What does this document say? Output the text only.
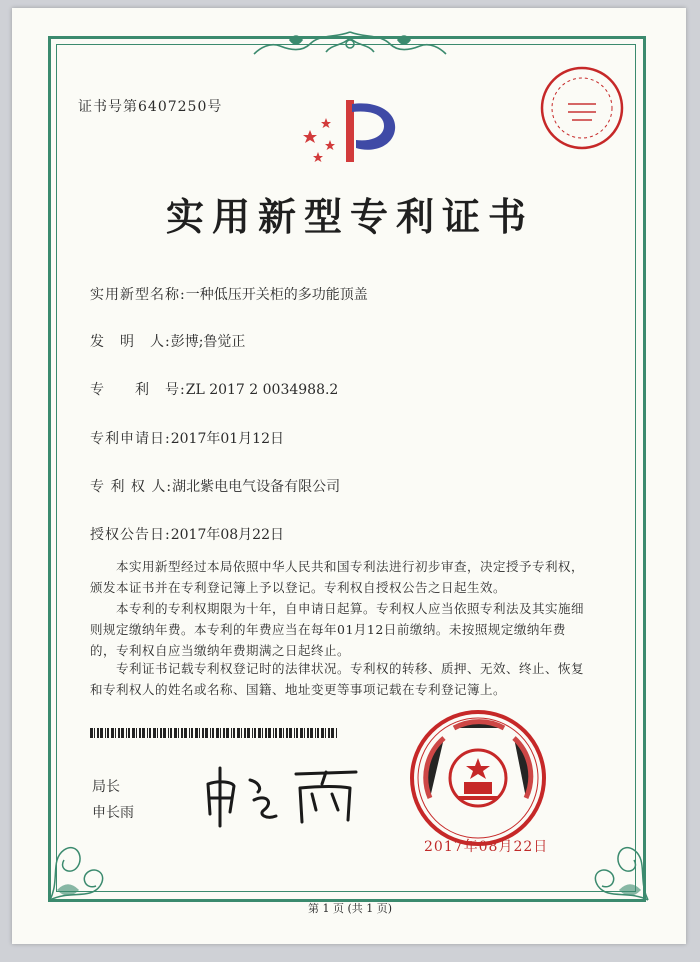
证书号第6407250号
实用新型专利证书
实用新型名称:一种低压开关柜的多功能顶盖
发　明　人:彭博;鲁觉正
专　　利　号:ZL 2017 2 0034988.2
专利申请日:2017年01月12日
专 利 权 人:湖北紫电电气设备有限公司
授权公告日:2017年08月22日
本实用新型经过本局依照中华人民共和国专利法进行初步审查，决定授予专利权，颁发本证书并在专利登记簿上予以登记。专利权自授权公告之日起生效。
本专利的专利权期限为十年，自申请日起算。专利权人应当依照专利法及其实施细则规定缴纳年费。本专利的年费应当在每年01月12日前缴纳。未按照规定缴纳年费的，专利权自应当缴纳年费期满之日起终止。
专利证书记载专利权登记时的法律状况。专利权的转移、质押、无效、终止、恢复和专利权人的姓名或名称、国籍、地址变更等事项记载在专利登记簿上。
局长
申长雨
2017年08月22日
第 1 页 (共 1 页)
